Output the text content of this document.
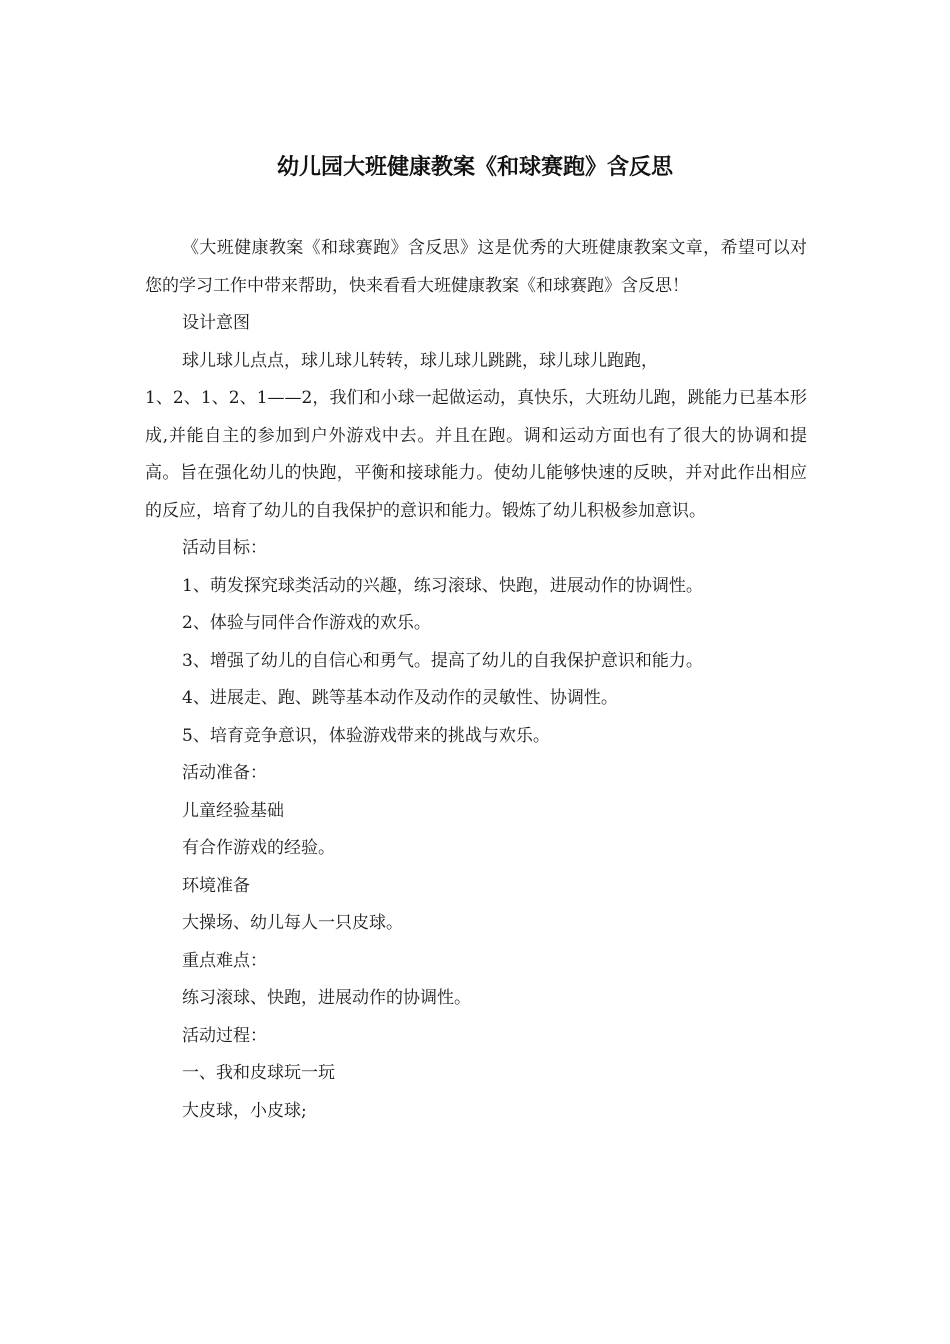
幼儿园大班健康教案《和球赛跑》含反思

《大班健康教案《和球赛跑》含反思》这是优秀的大班健康教案文章，希望可以对您的学习工作中带来帮助，快来看看大班健康教案《和球赛跑》含反思！

设计意图

球儿球儿点点，球儿球儿转转，球儿球儿跳跳，球儿球儿跑跑，

1、2、1、2、1——2，我们和小球一起做运动，真快乐，大班幼儿跑，跳能力已基本形成,并能自主的参加到户外游戏中去。并且在跑。调和运动方面也有了很大的协调和提高。旨在强化幼儿的快跑，平衡和接球能力。使幼儿能够快速的反映，并对此作出相应的反应，培育了幼儿的自我保护的意识和能力。锻炼了幼儿积极参加意识。

活动目标：

1、萌发探究球类活动的兴趣，练习滚球、快跑，进展动作的协调性。

2、体验与同伴合作游戏的欢乐。

3、增强了幼儿的自信心和勇气。提高了幼儿的自我保护意识和能力。

4、进展走、跑、跳等基本动作及动作的灵敏性、协调性。

5、培育竞争意识，体验游戏带来的挑战与欢乐。

活动准备：

儿童经验基础

有合作游戏的经验。

环境准备

大操场、幼儿每人一只皮球。

重点难点：

练习滚球、快跑，进展动作的协调性。

活动过程：

一、我和皮球玩一玩

大皮球，小皮球;
